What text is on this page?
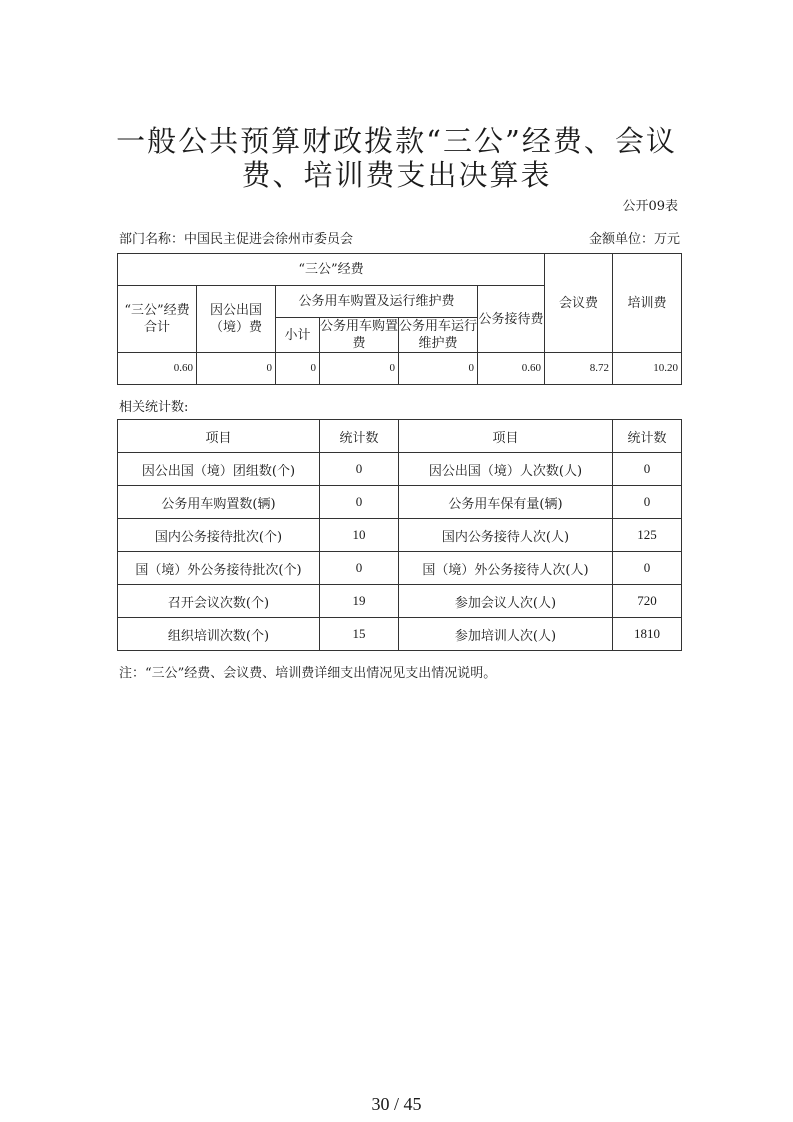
一般公共预算财政拨款“三公”经费、会议费、培训费支出决算表
公开09表
部门名称：中国民主促进会徐州市委员会	金额单位：万元
“三公”经费						会议费	培训费
“三公”经费合计	因公出国（境）费	公务用车购置及运行维护费			公务接待费		
		小计	公务用车购置费	公务用车运行维护费			
0.60	0	0	0	0	0.60	8.72	10.20
相关统计数:
项目	统计数	项目	统计数
因公出国（境）团组数(个)	0	因公出国（境）人次数(人)	0
公务用车购置数(辆)	0	公务用车保有量(辆)	0
国内公务接待批次(个)	10	国内公务接待人次(人)	125
国（境）外公务接待批次(个)	0	国（境）外公务接待人次(人)	0
召开会议次数(个)	19	参加会议人次(人)	720
组织培训次数(个)	15	参加培训人次(人)	1810
注：“三公”经费、会议费、培训费详细支出情况见支出情况说明。
30 / 45
